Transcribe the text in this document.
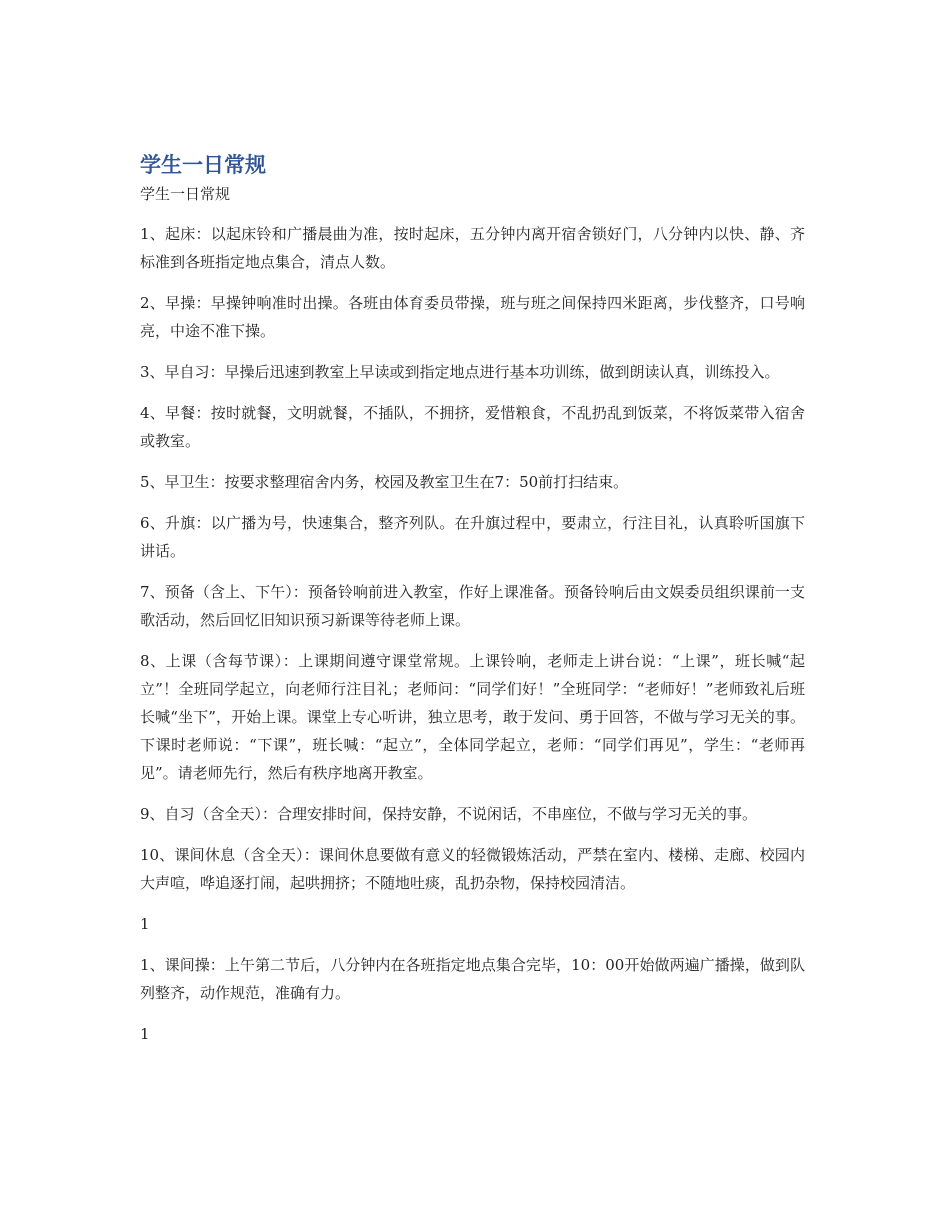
学生一日常规

学生一日常规

1、起床：以起床铃和广播晨曲为准，按时起床，五分钟内离开宿舍锁好门，八分钟内以快、静、齐标准到各班指定地点集合，清点人数。

2、早操：早操钟响准时出操。各班由体育委员带操，班与班之间保持四米距离，步伐整齐，口号响亮，中途不准下操。

3、早自习：早操后迅速到教室上早读或到指定地点进行基本功训练，做到朗读认真，训练投入。

4、早餐：按时就餐，文明就餐，不插队，不拥挤，爱惜粮食，不乱扔乱到饭菜，不将饭菜带入宿舍或教室。

5、早卫生：按要求整理宿舍内务，校园及教室卫生在7：50前打扫结束。

6、升旗：以广播为号，快速集合，整齐列队。在升旗过程中，要肃立，行注目礼，认真聆听国旗下讲话。

7、预备（含上、下午）：预备铃响前进入教室，作好上课准备。预备铃响后由文娱委员组织课前一支歌活动，然后回忆旧知识预习新课等待老师上课。

8、上课（含每节课）：上课期间遵守课堂常规。上课铃响，老师走上讲台说：“上课”，班长喊“起立”！全班同学起立，向老师行注目礼；老师问：“同学们好！”全班同学：“老师好！”老师致礼后班长喊“坐下”，开始上课。课堂上专心听讲，独立思考，敢于发问、勇于回答，不做与学习无关的事。下课时老师说：“下课”，班长喊：“起立”，全体同学起立，老师：“同学们再见”，学生：“老师再见”。请老师先行，然后有秩序地离开教室。

9、自习（含全天）：合理安排时间，保持安静，不说闲话，不串座位，不做与学习无关的事。

10、课间休息（含全天）：课间休息要做有意义的轻微锻炼活动，严禁在室内、楼梯、走廊、校园内大声喧，哗追逐打闹，起哄拥挤；不随地吐痰，乱扔杂物，保持校园清洁。

1

1、课间操：上午第二节后，八分钟内在各班指定地点集合完毕，10：00开始做两遍广播操，做到队列整齐，动作规范，准确有力。

1
